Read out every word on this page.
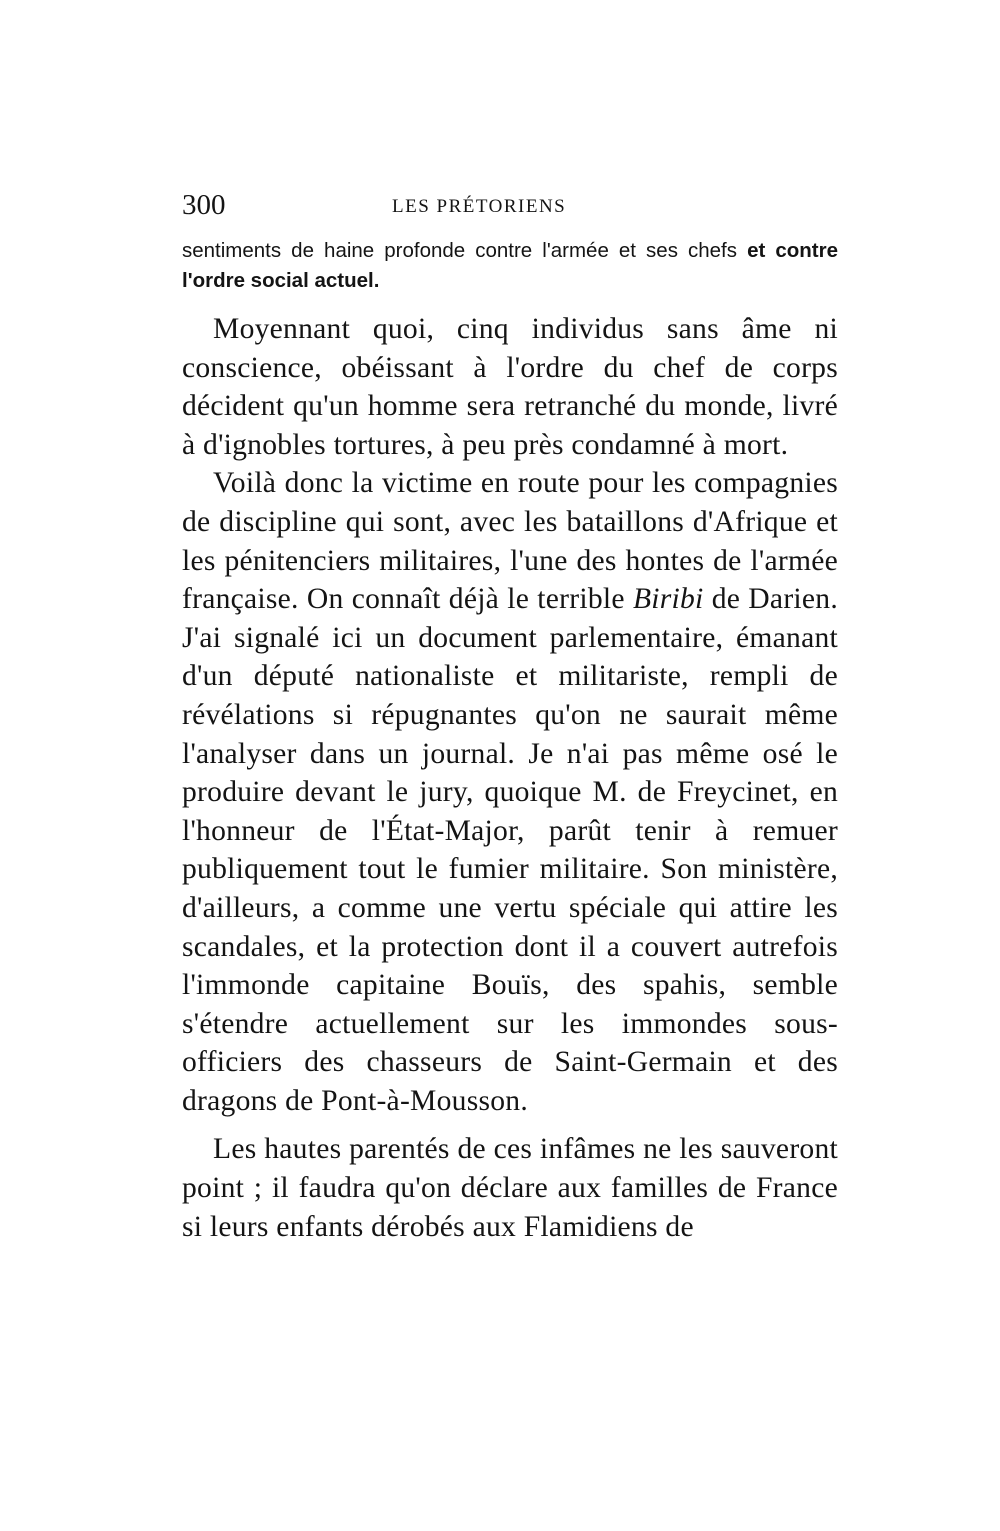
300	LES PRÉTORIENS

sentiments de haine profonde contre l'armée et ses chefs et contre l'ordre social actuel.

Moyennant quoi, cinq individus sans âme ni conscience, obéissant à l'ordre du chef de corps décident qu'un homme sera retranché du monde, livré à d'ignobles tortures, à peu près condamné à mort.

Voilà donc la victime en route pour les compagnies de discipline qui sont, avec les bataillons d'Afrique et les pénitenciers militaires, l'une des hontes de l'armée française. On connaît déjà le terrible Biribi de Darien. J'ai signalé ici un document parlementaire, émanant d'un député nationaliste et militariste, rempli de révélations si répugnantes qu'on ne saurait même l'analyser dans un journal. Je n'ai pas même osé le produire devant le jury, quoique M. de Freycinet, en l'honneur de l'État-Major, parût tenir à remuer publiquement tout le fumier militaire. Son ministère, d'ailleurs, a comme une vertu spéciale qui attire les scandales, et la protection dont il a couvert autrefois l'immonde capitaine Bouïs, des spahis, semble s'étendre actuellement sur les immondes sous-officiers des chasseurs de Saint-Germain et des dragons de Pont-à-Mousson.

Les hautes parentés de ces infâmes ne les sauveront point ; il faudra qu'on déclare aux familles de France si leurs enfants dérobés aux Flamidiens de
